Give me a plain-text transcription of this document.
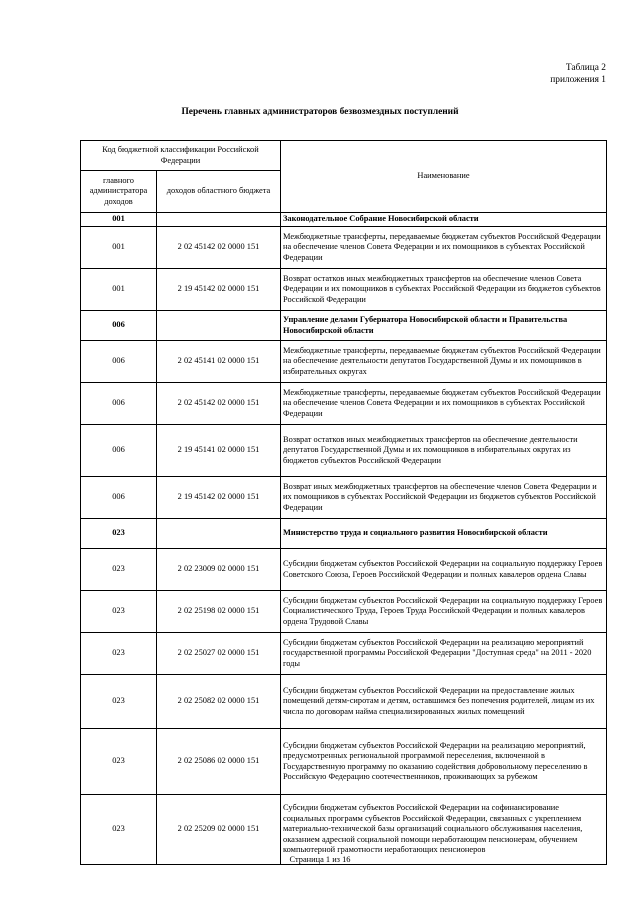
Таблица 2
приложения 1
Перечень главных администраторов безвозмездных поступлений
Код бюджетной классификации Российской Федерации		Наименование
главного администратора доходов	доходов областного бюджета	
001		Законодательное Собрание Новосибирской области
001	2 02 45142 02 0000 151	Межбюджетные трансферты, передаваемые бюджетам субъектов Российской Федерации на обеспечение членов Совета Федерации и их помощников в субъектах Российской Федерации
001	2 19 45142 02 0000 151	Возврат остатков иных межбюджетных трансфертов на обеспечение членов Совета Федерации и их помощников в субъектах Российской Федерации из бюджетов субъектов Российской Федерации
006		Управление делами Губернатора Новосибирской области и Правительства Новосибирской области
006	2 02 45141 02 0000 151	Межбюджетные трансферты, передаваемые бюджетам субъектов Российской Федерации на обеспечение деятельности депутатов Государственной Думы и их помощников в избирательных округах
006	2 02 45142 02 0000 151	Межбюджетные трансферты, передаваемые бюджетам субъектов Российской Федерации на обеспечение членов Совета Федерации и их помощников в субъектах Российской Федерации
006	2 19 45141 02 0000 151	Возврат остатков иных межбюджетных трансфертов на обеспечение деятельности депутатов Государственной Думы и их помощников в избирательных округах из бюджетов субъектов Российской Федерации
006	2 19 45142 02 0000 151	Возврат иных межбюджетных трансфертов на обеспечение членов Совета Федерации и их помощников в субъектах Российской Федерации из бюджетов субъектов Российской Федерации
023		Министерство труда и социального развития Новосибирской области
023	2 02 23009 02 0000 151	Субсидии бюджетам субъектов Российской Федерации на социальную поддержку Героев Советского Союза, Героев Российской Федерации и полных кавалеров ордена Славы
023	2 02 25198 02 0000 151	Субсидии бюджетам субъектов Российской Федерации на социальную поддержку Героев Социалистического Труда, Героев Труда Российской Федерации и полных кавалеров ордена Трудовой Славы
023	2 02 25027 02 0000 151	Субсидии бюджетам субъектов Российской Федерации на реализацию мероприятий государственной программы Российской Федерации "Доступная среда" на 2011 - 2020 годы
023	2 02 25082 02 0000 151	Субсидии бюджетам субъектов Российской Федерации на предоставление жилых помещений детям-сиротам и детям, оставшимся без попечения родителей, лицам из их числа по договорам найма специализированных жилых помещений
023	2 02 25086 02 0000 151	Субсидии бюджетам субъектов Российской Федерации на реализацию мероприятий, предусмотренных региональной программой переселения, включенной в Государственную программу по оказанию содействия добровольному переселению в Российскую Федерацию соотечественников, проживающих за рубежом
023	2 02 25209 02 0000 151	Субсидии бюджетам субъектов Российской Федерации на софинансирование социальных программ субъектов Российской Федерации, связанных с укреплением материально-технической базы организаций социального обслуживания населения, оказанием адресной социальной помощи неработающим пенсионерам, обучением компьютерной грамотности неработающих пенсионеров
Страница 1 из 16
